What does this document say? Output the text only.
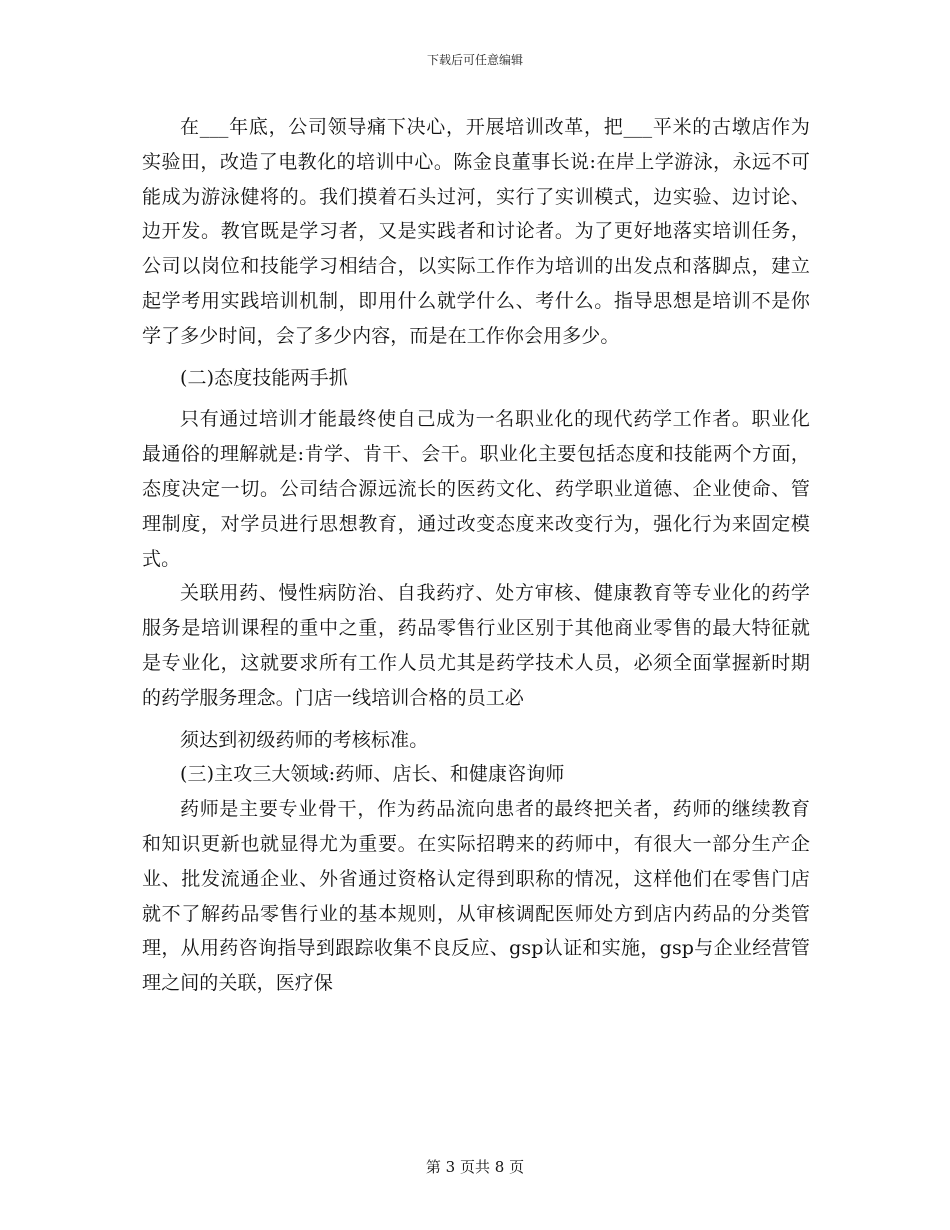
下载后可任意编辑

在___年底，公司领导痛下决心，开展培训改革，把___平米的古墩店作为实验田，改造了电教化的培训中心。陈金良董事长说:在岸上学游泳，永远不可能成为游泳健将的。我们摸着石头过河，实行了实训模式，边实验、边讨论、边开发。教官既是学习者，又是实践者和讨论者。为了更好地落实培训任务，公司以岗位和技能学习相结合，以实际工作作为培训的出发点和落脚点，建立起学考用实践培训机制，即用什么就学什么、考什么。指导思想是培训不是你学了多少时间，会了多少内容，而是在工作你会用多少。

(二)态度技能两手抓

只有通过培训才能最终使自己成为一名职业化的现代药学工作者。职业化最通俗的理解就是:肯学、肯干、会干。职业化主要包括态度和技能两个方面，态度决定一切。公司结合源远流长的医药文化、药学职业道德、企业使命、管理制度，对学员进行思想教育，通过改变态度来改变行为，强化行为来固定模式。

关联用药、慢性病防治、自我药疗、处方审核、健康教育等专业化的药学服务是培训课程的重中之重，药品零售行业区别于其他商业零售的最大特征就是专业化，这就要求所有工作人员尤其是药学技术人员，必须全面掌握新时期的药学服务理念。门店一线培训合格的员工必

须达到初级药师的考核标准。

(三)主攻三大领域:药师、店长、和健康咨询师

药师是主要专业骨干，作为药品流向患者的最终把关者，药师的继续教育和知识更新也就显得尤为重要。在实际招聘来的药师中，有很大一部分生产企业、批发流通企业、外省通过资格认定得到职称的情况，这样他们在零售门店就不了解药品零售行业的基本规则，从审核调配医师处方到店内药品的分类管理，从用药咨询指导到跟踪收集不良反应、gsp认证和实施，gsp与企业经营管理之间的关联，医疗保

第 3 页共 8 页
